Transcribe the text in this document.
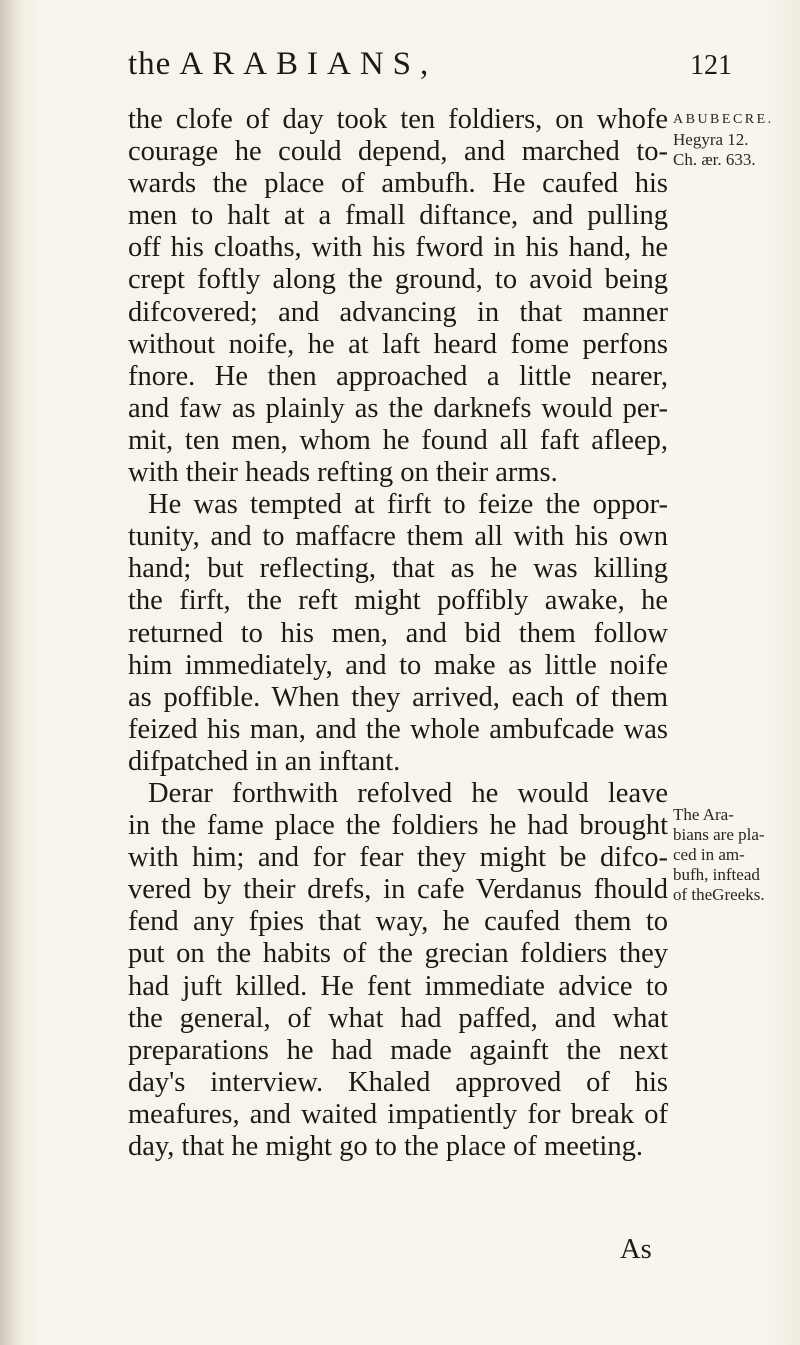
the ARABIANS,	121
the clofe of day took ten foldiers, on whofe
courage he could depend, and marched to-
wards the place of ambufh. He caufed his
men to halt at a fmall diftance, and pulling
off his cloaths, with his fword in his hand, he
crept foftly along the ground, to avoid being
difcovered; and advancing in that manner
without noife, he at laft heard fome perfons
fnore. He then approached a little nearer,
and faw as plainly as the darknefs would per-
mit, ten men, whom he found all faft afleep,
with their heads refting on their arms.
He was tempted at firft to feize the oppor-
tunity, and to maffacre them all with his own
hand; but reflecting, that as he was killing
the firft, the reft might poffibly awake, he
returned to his men, and bid them follow
him immediately, and to make as little noife
as poffible. When they arrived, each of them
feized his man, and the whole ambufcade was
difpatched in an inftant.
Derar forthwith refolved he would leave
in the fame place the foldiers he had brought
with him; and for fear they might be difco-
vered by their drefs, in cafe Verdanus fhould
fend any fpies that way, he caufed them to
put on the habits of the grecian foldiers they
had juft killed. He fent immediate advice to
the general, of what had paffed, and what
preparations he had made againft the next
day's interview. Khaled approved of his
meafures, and waited impatiently for break of
day, that he might go to the place of meeting.
As
ABUBECRE.
Hegyra 12.
Ch. ær. 633.
The Ara-
bians are pla-
ced in am-
bufh, inftead
of theGreeks.
